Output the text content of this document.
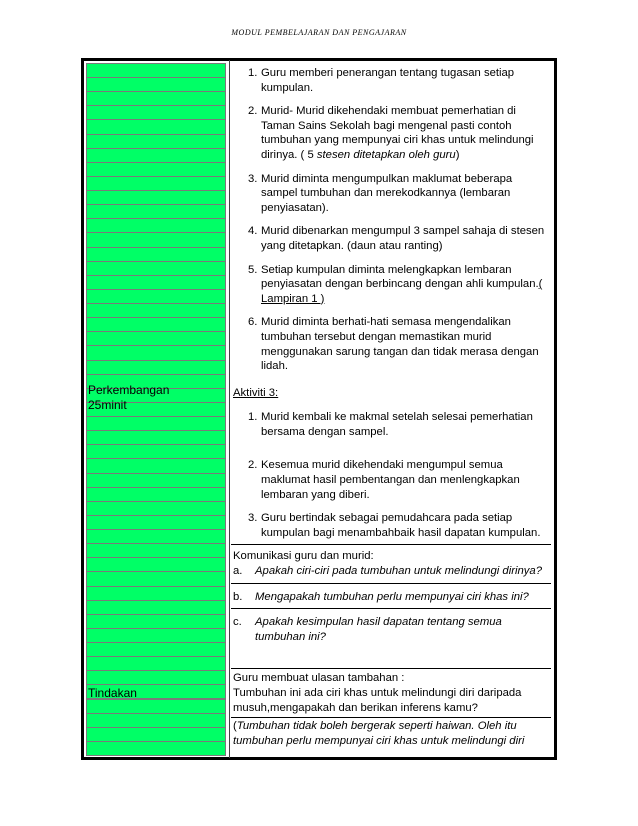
MODUL PEMBELAJARAN DAN PENGAJARAN
Perkembangan
25minit
Tindakan
1. Guru memberi penerangan tentang tugasan setiap kumpulan.
2. Murid- Murid dikehendaki membuat pemerhatian di Taman Sains Sekolah bagi mengenal pasti contoh tumbuhan yang mempunyai ciri khas untuk melindungi dirinya. ( 5 stesen ditetapkan oleh guru)
3. Murid diminta mengumpulkan maklumat beberapa sampel tumbuhan dan merekodkannya (lembaran penyiasatan).
4. Murid dibenarkan mengumpul 3 sampel sahaja di stesen yang ditetapkan. (daun atau ranting)
5. Setiap kumpulan diminta melengkapkan lembaran penyiasatan dengan berbincang dengan ahli kumpulan.( Lampiran 1 )
6. Murid diminta berhati-hati semasa mengendalikan tumbuhan tersebut dengan memastikan murid menggunakan sarung tangan dan tidak merasa dengan lidah.
Aktiviti 3:
1. Murid kembali ke makmal setelah selesai pemerhatian bersama dengan sampel.
2. Kesemua murid dikehendaki mengumpul semua maklumat hasil pembentangan dan menlengkapkan lembaran yang diberi.
3. Guru bertindak sebagai pemudahcara pada setiap kumpulan bagi menambahbaik hasil dapatan kumpulan.
Komunikasi guru dan murid:
a. Apakah ciri-ciri pada tumbuhan untuk melindungi dirinya?
b. Mengapakah tumbuhan perlu mempunyai ciri khas ini?
c. Apakah kesimpulan hasil dapatan tentang semua tumbuhan ini?

Guru membuat ulasan tambahan :

Tumbuhan ini ada ciri khas untuk melindungi diri daripada musuh,mengapakah dan berikan inferens kamu?

(Tumbuhan tidak boleh bergerak seperti haiwan. Oleh itu tumbuhan perlu mempunyai ciri khas untuk melindungi diri
